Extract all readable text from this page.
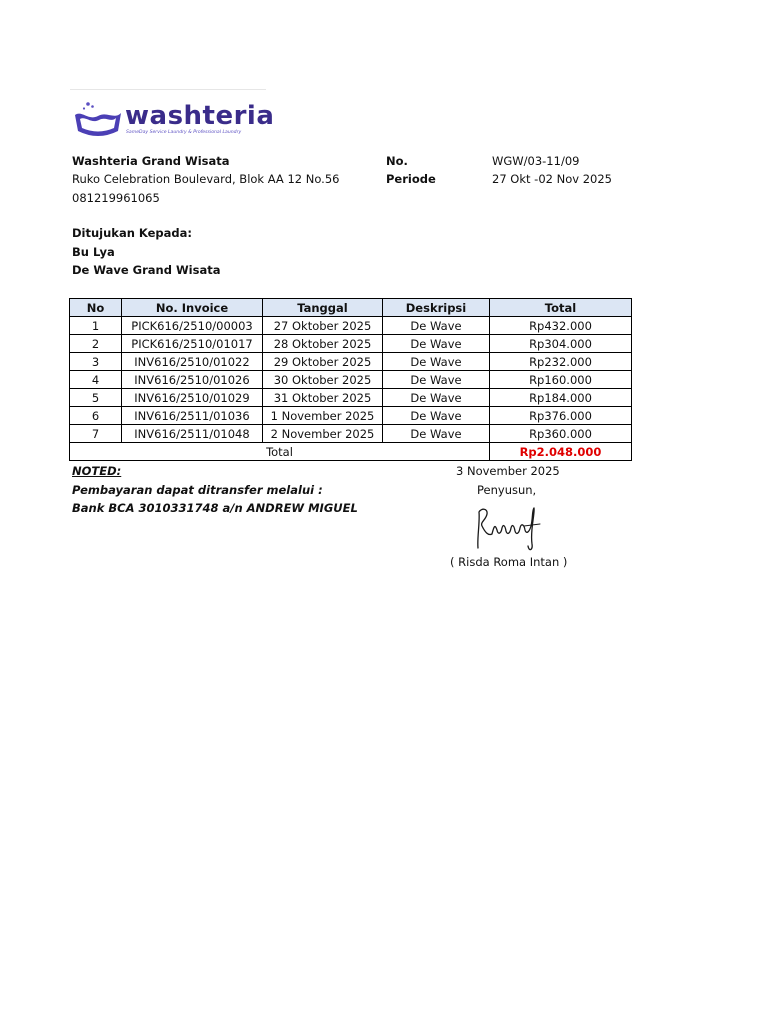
washteria
SameDay Service Laundry & Professional Laundry
Washteria Grand Wisata
Ruko Celebration Boulevard, Blok AA 12 No.56
081219961065
No.	WGW/03-11/09
Periode	27 Okt -02 Nov 2025
Ditujukan Kepada:
Bu Lya
De Wave Grand Wisata
No	No. Invoice	Tanggal	Deskripsi	Total
1	PICK616/2510/00003	27 Oktober 2025	De Wave	Rp432.000
2	PICK616/2510/01017	28 Oktober 2025	De Wave	Rp304.000
3	INV616/2510/01022	29 Oktober 2025	De Wave	Rp232.000
4	INV616/2510/01026	30 Oktober 2025	De Wave	Rp160.000
5	INV616/2510/01029	31 Oktober 2025	De Wave	Rp184.000
6	INV616/2511/01036	1 November 2025	De Wave	Rp376.000
7	INV616/2511/01048	2 November 2025	De Wave	Rp360.000
Total				Rp2.048.000
NOTED:
Pembayaran dapat ditransfer melalui :
Bank BCA 3010331748 a/n ANDREW MIGUEL
3 November 2025
Penyusun,
( Risda Roma Intan )
